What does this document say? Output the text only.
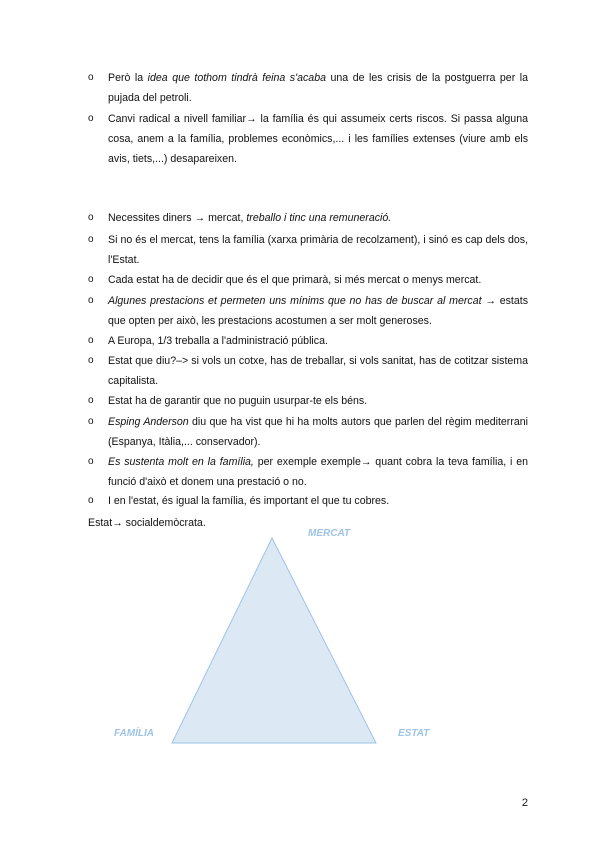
o Però la idea que tothom tindrà feina s'acaba una de les crisis de la postguerra per la pujada del petroli.
o Canvi radical a nivell familiar→ la família és qui assumeix certs riscos. Si passa alguna cosa, anem a la família, problemes econòmics,... i les famílies extenses (viure amb els avis, tiets,...) desapareixen.
o Necessites diners → mercat, treballo i tinc una remuneració.
o Si no és el mercat, tens la família (xarxa primària de recolzament), i sinó es cap dels dos, l'Estat.
o Cada estat ha de decidir que és el que primarà, si més mercat o menys mercat.
o Algunes prestacions et permeten uns mínims que no has de buscar al mercat → estats que opten per això, les prestacions acostumen a ser molt generoses.
o A Europa, 1/3 treballa a l'administració pública.
o Estat que diu?–> si vols un cotxe, has de treballar, si vols sanitat, has de cotitzar sistema capitalista.
o Estat ha de garantir que no puguin usurpar-te els béns.
o Esping Anderson diu que ha vist que hi ha molts autors que parlen del règim mediterrani (Espanya, Itàlia,... conservador).
o Es sustenta molt en la família, per exemple exemple→ quant cobra la teva família, i en funció d'això et donem una prestació o no.
o I en l'estat, és igual la família, és important el que tu cobres.
Estat→ socialdemòcrata.
MERCAT
FAMÍLIA	ESTAT
2
